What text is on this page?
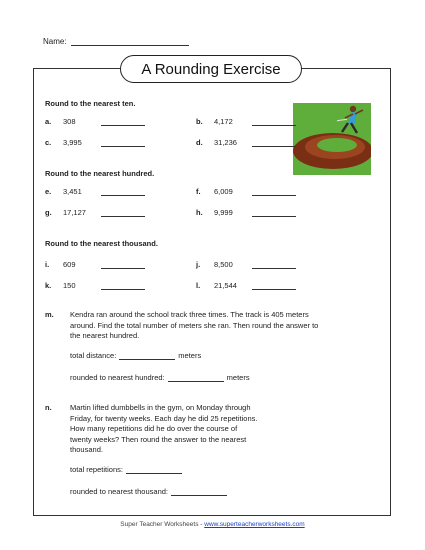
Name:
A Rounding Exercise
Round to the nearest ten.
a. 308	b. 4,172
c. 3,995	d. 31,236
Round to the nearest hundred.
e. 3,451	f. 6,009
g. 17,127	h. 9,999
Round to the nearest thousand.
i. 609	j. 8,500
k. 150	l. 21,544
m. Kendra ran around the school track three times. The track is 405 meters
around. Find the total number of meters she ran. Then round the answer to
the nearest hundred.
total distance:	meters
rounded to nearest hundred:	meters
n. Martin lifted dumbbells in the gym, on Monday through
Friday, for twenty weeks. Each day he did 25 repetitions.
How many repetitions did he do over the course of
twenty weeks? Then round the answer to the nearest
thousand.
total repetitions:
rounded to nearest thousand:
Super Teacher Worksheets - www.superteacherworksheets.com
